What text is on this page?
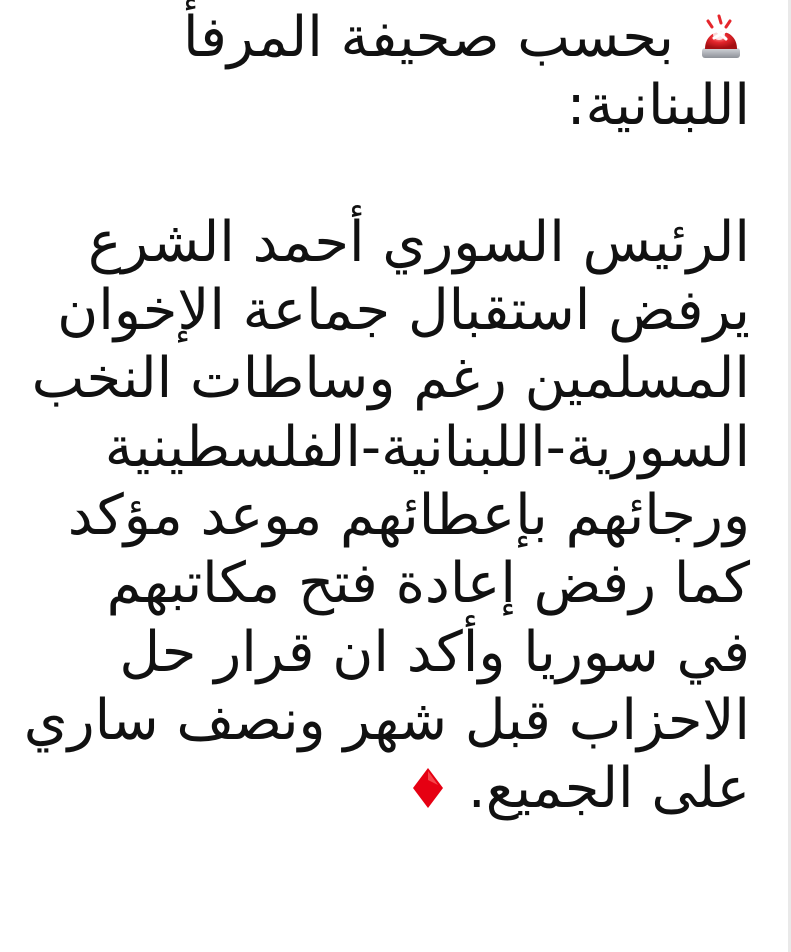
بحسب صحيفة المرفأ
اللبنانية:
الرئيس السوري أحمد الشرع
يرفض استقبال جماعة الإخوان
المسلمين رغم وساطات النخب
السورية-اللبنانية-الفلسطينية
ورجائهم بإعطائهم موعد مؤكد
كما رفض إعادة فتح مكاتبهم
في سوريا وأكد ان قرار حل
الاحزاب قبل شهر ونصف ساري
على الجميع.
